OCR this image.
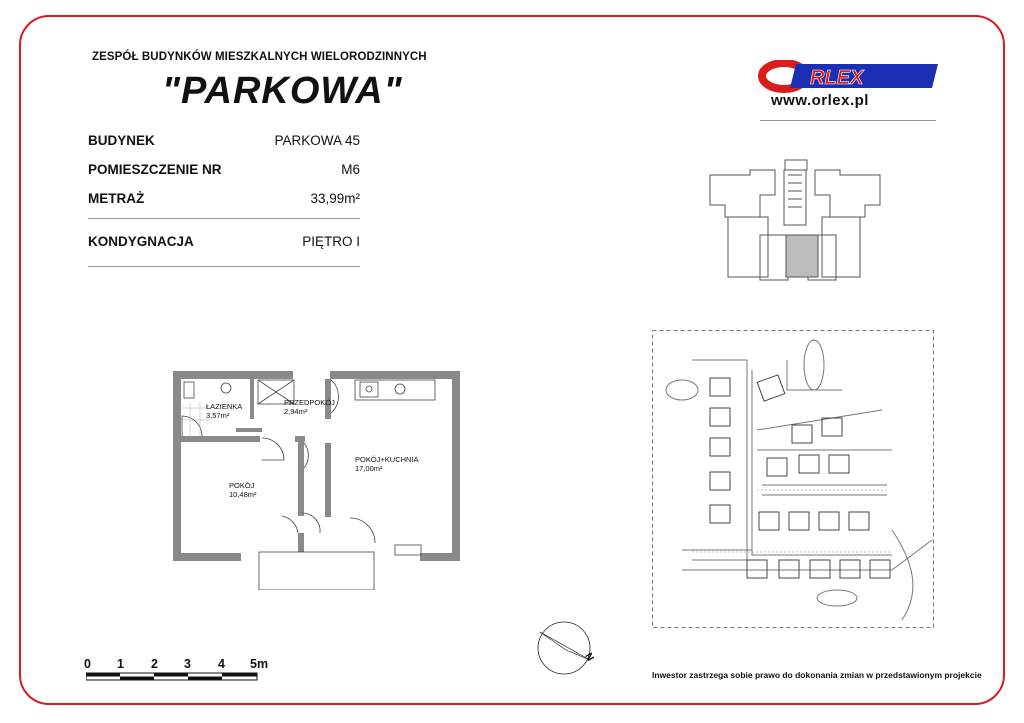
ZESPÓŁ BUDYNKÓW MIESZKALNYCH WIELORODZINNYCH
"PARKOWA"	RLEX
www.orlex.pl
BUDYNEK	PARKOWA 45
POMIESZCZENIE NR	M6
METRAŻ	33,99m²
KONDYGNACJA	PIĘTRO I
ŁAZIENKA
3,57m²
PRZEDPOKÓJ
2,94m²
POKÓJ+KUCHNIA
17,00m²
POKÓJ
10,48m²
N
0 1 2 3 4 5m
Inwestor zastrzega sobie prawo do dokonania zmian w przedstawionym projekcie
